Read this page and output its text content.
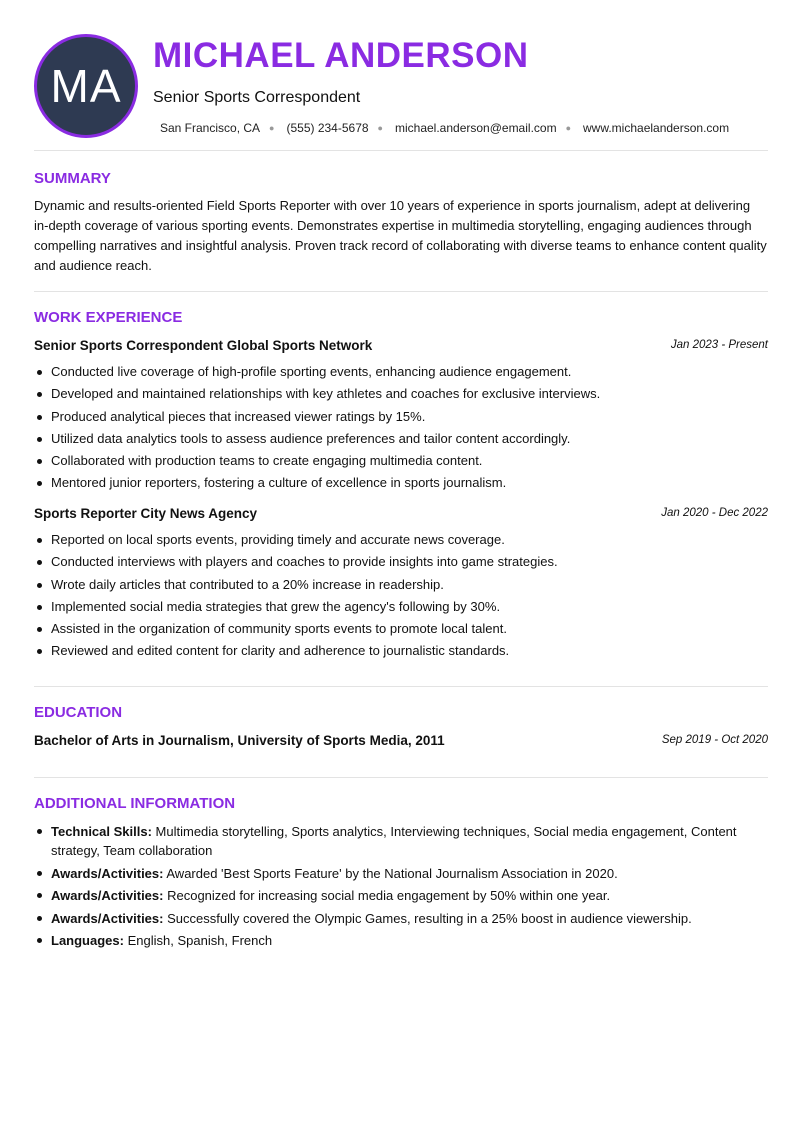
MA
MICHAEL ANDERSON
Senior Sports Correspondent
San Francisco, CA ● (555) 234-5678 ● michael.anderson@email.com ● www.michaelanderson.com
SUMMARY
Dynamic and results-oriented Field Sports Reporter with over 10 years of experience in sports journalism, adept at delivering in-depth coverage of various sporting events. Demonstrates expertise in multimedia storytelling, engaging audiences through compelling narratives and insightful analysis. Proven track record of collaborating with diverse teams to enhance content quality and audience reach.
WORK EXPERIENCE
Senior Sports Correspondent Global Sports Network	Jan 2023 - Present
Conducted live coverage of high-profile sporting events, enhancing audience engagement.
Developed and maintained relationships with key athletes and coaches for exclusive interviews.
Produced analytical pieces that increased viewer ratings by 15%.
Utilized data analytics tools to assess audience preferences and tailor content accordingly.
Collaborated with production teams to create engaging multimedia content.
Mentored junior reporters, fostering a culture of excellence in sports journalism.
Sports Reporter City News Agency	Jan 2020 - Dec 2022
Reported on local sports events, providing timely and accurate news coverage.
Conducted interviews with players and coaches to provide insights into game strategies.
Wrote daily articles that contributed to a 20% increase in readership.
Implemented social media strategies that grew the agency's following by 30%.
Assisted in the organization of community sports events to promote local talent.
Reviewed and edited content for clarity and adherence to journalistic standards.
EDUCATION
Bachelor of Arts in Journalism, University of Sports Media, 2011	Sep 2019 - Oct 2020
ADDITIONAL INFORMATION
Technical Skills: Multimedia storytelling, Sports analytics, Interviewing techniques, Social media engagement, Content strategy, Team collaboration
Awards/Activities: Awarded 'Best Sports Feature' by the National Journalism Association in 2020.
Awards/Activities: Recognized for increasing social media engagement by 50% within one year.
Awards/Activities: Successfully covered the Olympic Games, resulting in a 25% boost in audience viewership.
Languages: English, Spanish, French
